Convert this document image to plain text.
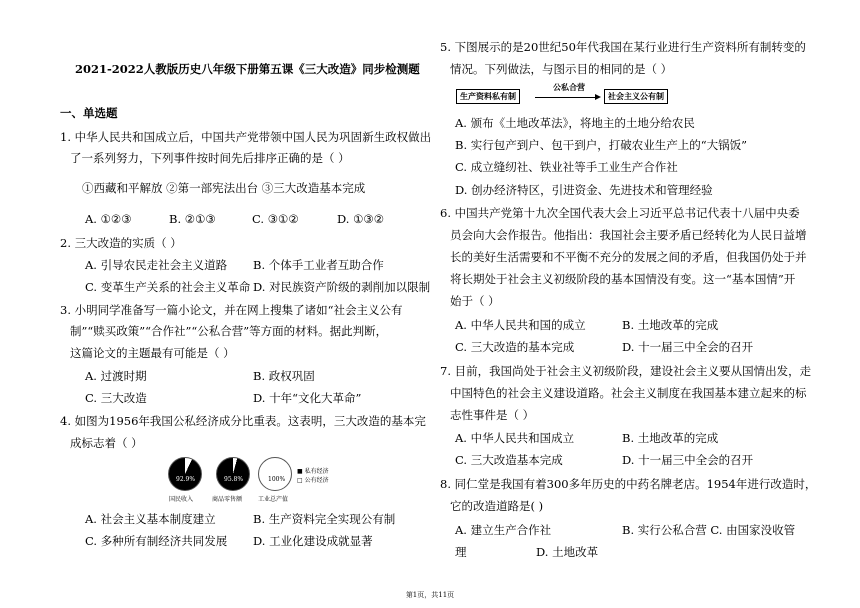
2021-2022人教版历史八年级下册第五课《三大改造》同步检测题
一、单选题
1. 中华人民共和国成立后，中国共产党带领中国人民为巩固新生政权做出
了一系列努力，下列事件按时间先后排序正确的是（ ）
①西藏和平解放 ②第一部宪法出台 ③三大改造基本完成
A. ①②③	B. ②①③	C. ③①②	D. ①③②
2. 三大改造的实质（ ）
A. 引导农民走社会主义道路 B. 个体手工业者互助合作
C. 变革生产关系的社会主义革命 D. 对民族资产阶级的剥削加以限制
3. 小明同学准备写一篇小论文，并在网上搜集了诸如“社会主义公有
制”“赎买政策”“合作社”“公私合营”等方面的材料。据此判断，
这篇论文的主题最有可能是（ ）
A. 过渡时期	B. 政权巩固
C. 三大改造	D. 十年“文化大革命”
4. 如图为1956年我国公私经济成分比重表。这表明，三大改造的基本完
成标志着（ ）
92.9%
国民收入
95.8%
商品零售额
100%
工业总产值
■ 私有经济
□ 公有经济
A. 社会主义基本制度建立	B. 生产资料完全实现公有制
C. 多种所有制经济共同发展 D. 工业化建设成就显著
5. 下图展示的是20世纪50年代我国在某行业进行生产资料所有制转变的
情况。下列做法，与图示目的相同的是（ ）
生产资料私有制
公私合营
社会主义公有制
A. 颁布《土地改革法》，将地主的土地分给农民
B. 实行包产到户、包干到户，打破农业生产上的“大锅饭”
C. 成立缝纫社、铁业社等手工业生产合作社
D. 创办经济特区，引进资金、先进技术和管理经验
6. 中国共产党第十九次全国代表大会上习近平总书记代表十八届中央委
员会向大会作报告。他指出：我国社会主要矛盾已经转化为人民日益增
长的美好生活需要和不平衡不充分的发展之间的矛盾，但我国仍处于并
将长期处于社会主义初级阶段的基本国情没有变。这一“基本国情”开
始于（ ）
A. 中华人民共和国的成立	B. 土地改革的完成
C. 三大改造的基本完成	D. 十一届三中全会的召开
7. 目前，我国尚处于社会主义初级阶段，建设社会主义要从国情出发，走
中国特色的社会主义建设道路。社会主义制度在我国基本建立起来的标
志性事件是（ ）
A. 中华人民共和国成立	B. 土地改革的完成
C. 三大改造基本完成	D. 十一届三中全会的召开
8. 同仁堂是我国有着300多年历史的中药名牌老店。1954年进行改造时，
它的改造道路是( )
A. 建立生产合作社	B. 实行公私合营 C. 由国家没收管
理	D. 土地改革
第1页，共11页
